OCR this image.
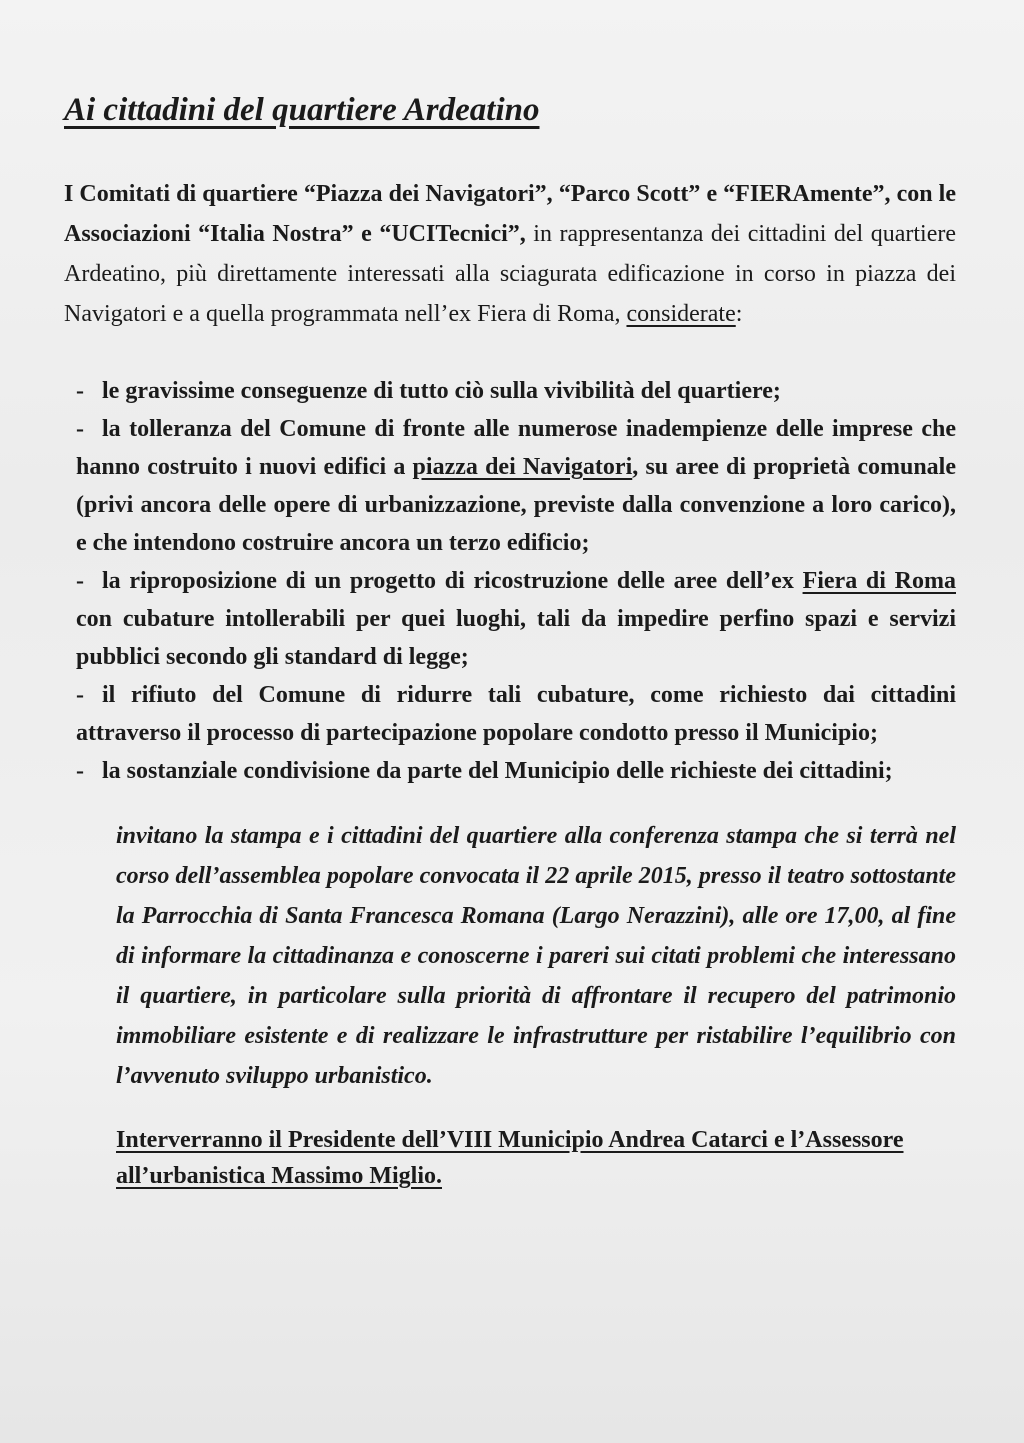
Ai cittadini del quartiere Ardeatino

I Comitati di quartiere “Piazza dei Navigatori”, “Parco Scott” e “FIERAmente”, con le Associazioni “Italia Nostra” e “UCITecnici”, in rappresentanza dei cittadini del quartiere Ardeatino, più direttamente interessati alla sciagurata edificazione in corso in piazza dei Navigatori e a quella programmata nell’ex Fiera di Roma, considerate:

- le gravissime conseguenze di tutto ciò sulla vivibilità del quartiere;
- la tolleranza del Comune di fronte alle numerose inadempienze delle imprese che hanno costruito i nuovi edifici a piazza dei Navigatori, su aree di proprietà comunale (privi ancora delle opere di urbanizzazione, previste dalla convenzione a loro carico), e che intendono costruire ancora un terzo edificio;
- la riproposizione di un progetto di ricostruzione delle aree dell’ex Fiera di Roma con cubature intollerabili per quei luoghi, tali da impedire perfino spazi e servizi pubblici secondo gli standard di legge;
- il rifiuto del Comune di ridurre tali cubature, come richiesto dai cittadini attraverso il processo di partecipazione popolare condotto presso il Municipio;
- la sostanziale condivisione da parte del Municipio delle richieste dei cittadini;

invitano la stampa e i cittadini del quartiere alla conferenza stampa che si terrà nel corso dell’assemblea popolare convocata il 22 aprile 2015, presso il teatro sottostante la Parrocchia di Santa Francesca Romana (Largo Nerazzini), alle ore 17,00, al fine di informare la cittadinanza e conoscerne i pareri sui citati problemi che interessano il quartiere, in particolare sulla priorità di affrontare il recupero del patrimonio immobiliare esistente e di realizzare le infrastrutture per ristabilire l’equilibrio con l’avvenuto sviluppo urbanistico.

Interverranno il Presidente dell’VIII Municipio Andrea Catarci e l’Assessore all’urbanistica Massimo Miglio.
